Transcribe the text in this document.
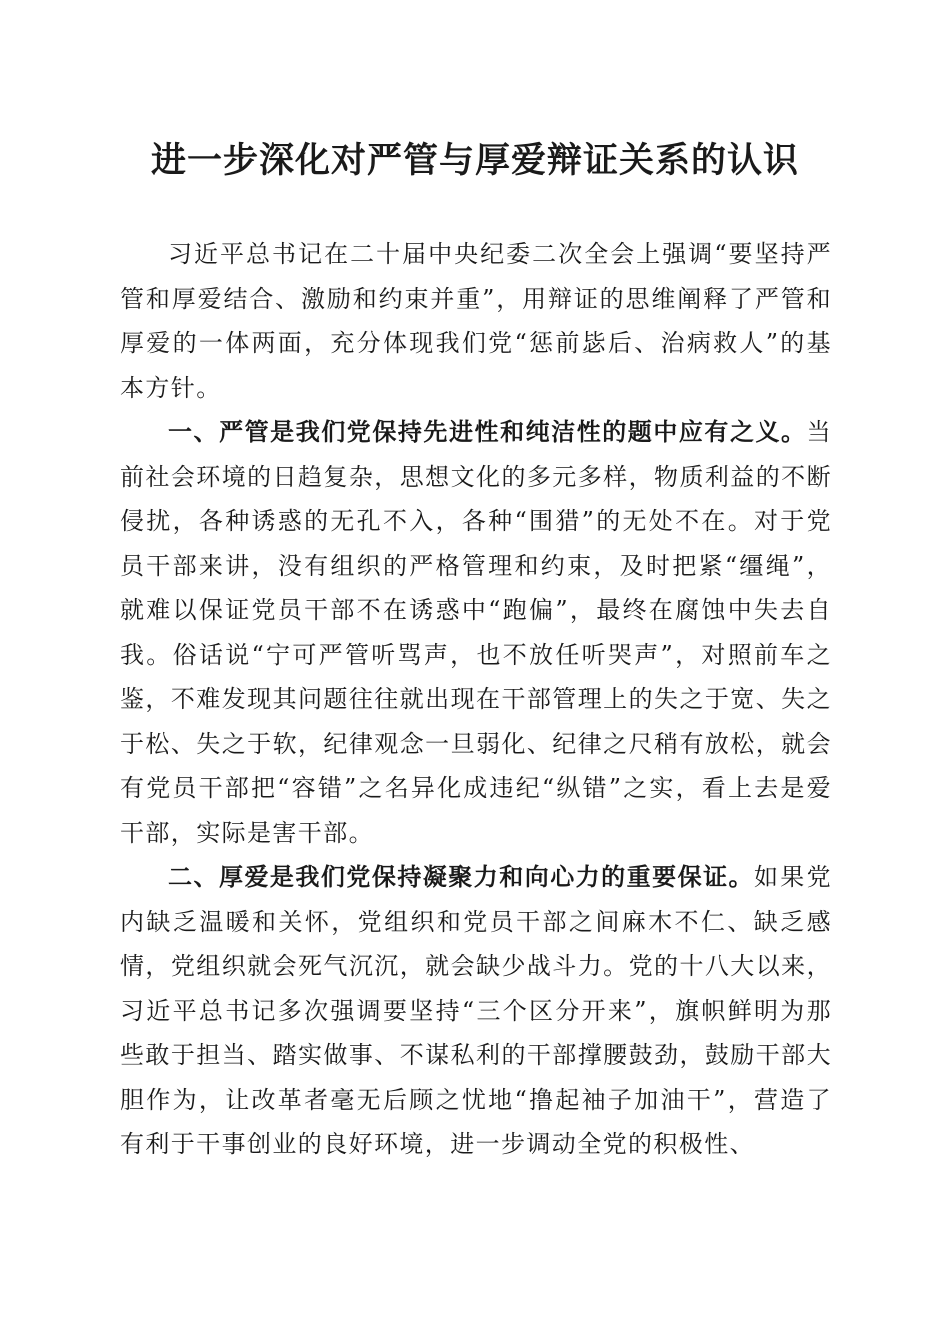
进一步深化对严管与厚爱辩证关系的认识

习近平总书记在二十届中央纪委二次全会上强调“要坚持严管和厚爱结合、激励和约束并重”，用辩证的思维阐释了严管和厚爱的一体两面，充分体现我们党“惩前毖后、治病救人”的基本方针。

一、严管是我们党保持先进性和纯洁性的题中应有之义。当前社会环境的日趋复杂，思想文化的多元多样，物质利益的不断侵扰，各种诱惑的无孔不入，各种“围猎”的无处不在。对于党员干部来讲，没有组织的严格管理和约束，及时把紧“缰绳”，就难以保证党员干部不在诱惑中“跑偏”，最终在腐蚀中失去自我。俗话说“宁可严管听骂声，也不放任听哭声”，对照前车之鉴，不难发现其问题往往就出现在干部管理上的失之于宽、失之于松、失之于软，纪律观念一旦弱化、纪律之尺稍有放松，就会有党员干部把“容错”之名异化成违纪“纵错”之实，看上去是爱干部，实际是害干部。

二、厚爱是我们党保持凝聚力和向心力的重要保证。如果党内缺乏温暖和关怀，党组织和党员干部之间麻木不仁、缺乏感情，党组织就会死气沉沉，就会缺少战斗力。党的十八大以来，习近平总书记多次强调要坚持“三个区分开来”，旗帜鲜明为那些敢于担当、踏实做事、不谋私利的干部撑腰鼓劲，鼓励干部大胆作为，让改革者毫无后顾之忧地“撸起袖子加油干”，营造了有利于干事创业的良好环境，进一步调动全党的积极性、
